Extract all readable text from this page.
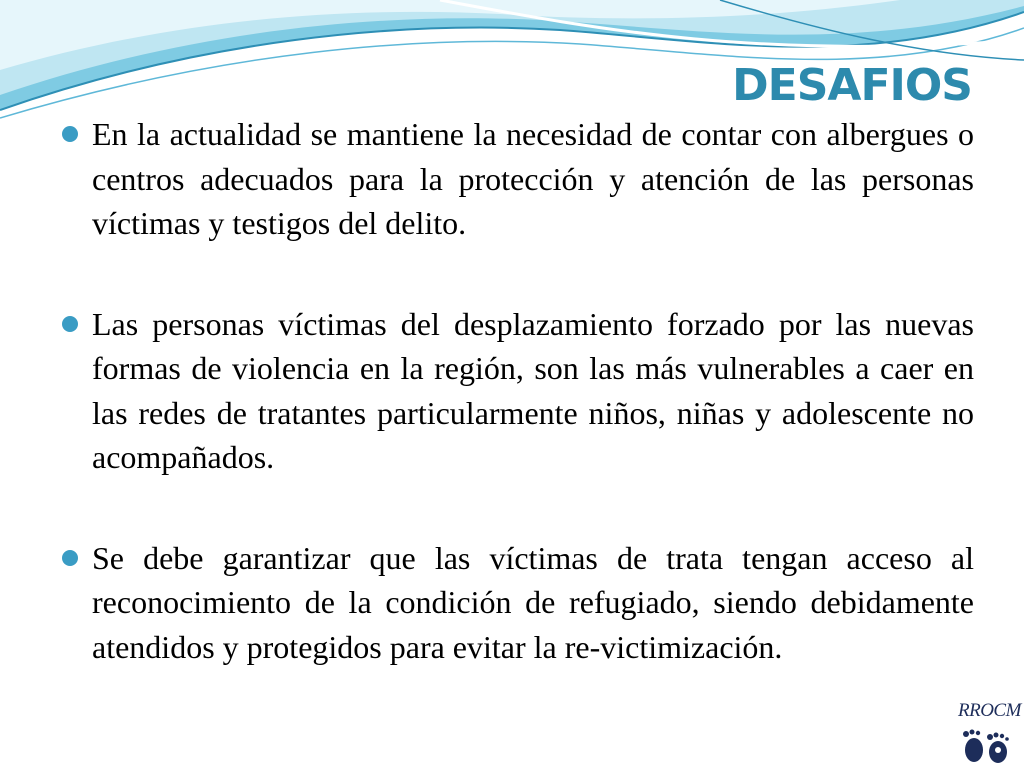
DESAFIOS
En la actualidad se mantiene la necesidad de contar con albergues o centros adecuados para la protección y atención de las personas víctimas y testigos del delito.
Las personas víctimas del desplazamiento forzado por las nuevas formas de violencia en la región, son las más vulnerables a caer en las redes de tratantes particularmente niños, niñas y adolescente no acompañados.
Se debe garantizar que las víctimas de trata tengan acceso al reconocimiento de la condición de refugiado, siendo debidamente atendidos y protegidos para evitar la re-victimización.
RROCM
